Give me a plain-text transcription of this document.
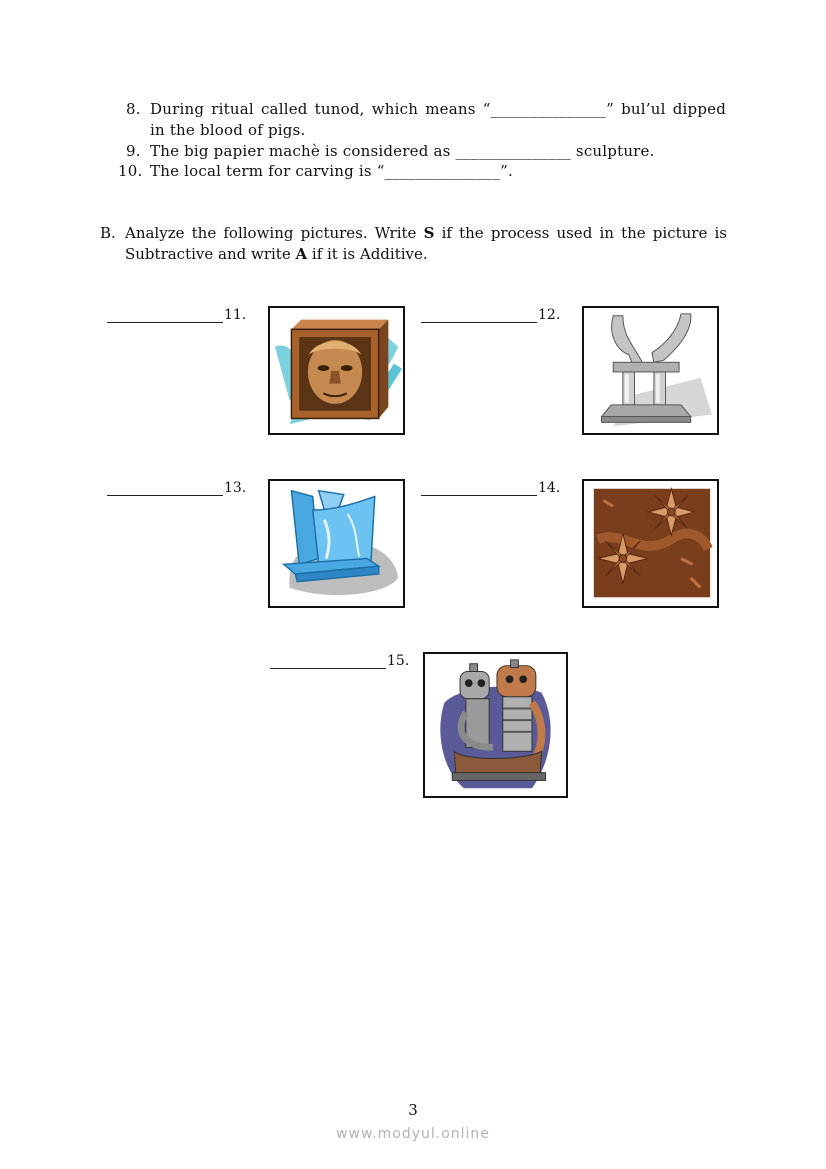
8. During ritual called tunod, which means “_______________” bul’ul dipped
in the blood of pigs.
9. The big papier machè is considered as _______________ sculpture.
10. The local term for carving is “_______________”.
B. Analyze the following pictures. Write S if the process used in the picture is
Subtractive and write A if it is Additive.
11.	12.
13.	14.
15.
3
www.modyul.online
